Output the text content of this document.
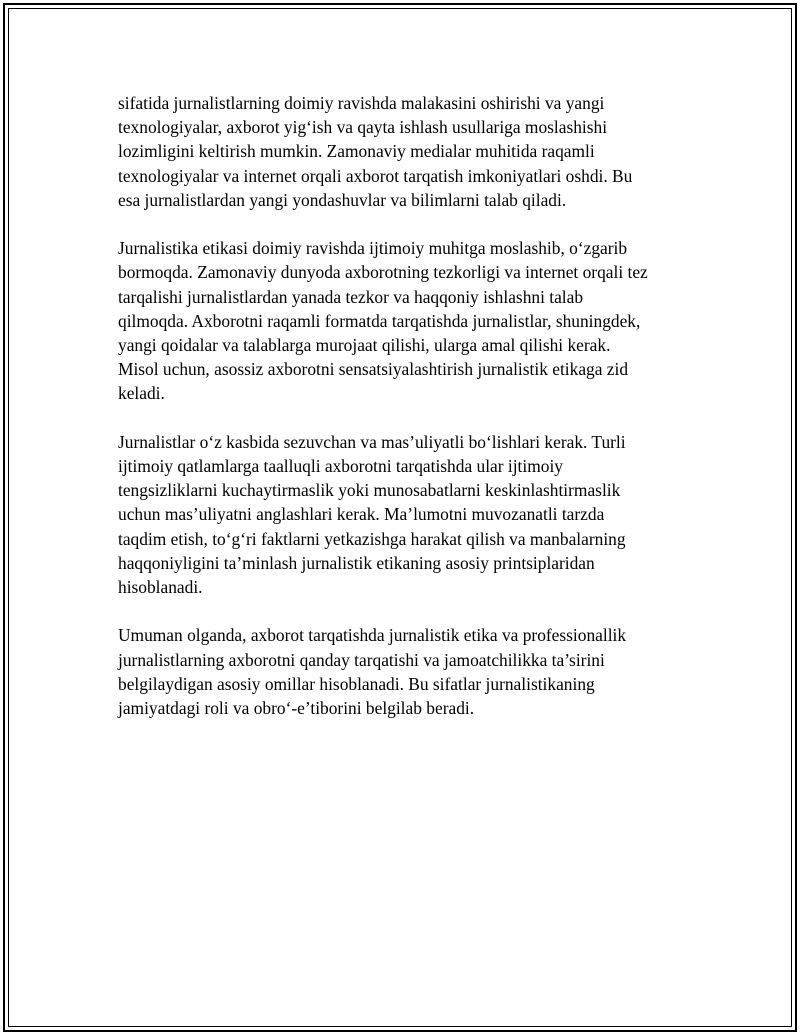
sifatida jurnalistlarning doimiy ravishda malakasini oshirishi va yangi
texnologiyalar, axborot yig‘ish va qayta ishlash usullariga moslashishi
lozimligini keltirish mumkin. Zamonaviy medialar muhitida raqamli
texnologiyalar va internet orqali axborot tarqatish imkoniyatlari oshdi. Bu
esa jurnalistlardan yangi yondashuvlar va bilimlarni talab qiladi.

Jurnalistika etikasi doimiy ravishda ijtimoiy muhitga moslashib, o‘zgarib
bormoqda. Zamonaviy dunyoda axborotning tezkorligi va internet orqali tez
tarqalishi jurnalistlardan yanada tezkor va haqqoniy ishlashni talab
qilmoqda. Axborotni raqamli formatda tarqatishda jurnalistlar, shuningdek,
yangi qoidalar va talablarga murojaat qilishi, ularga amal qilishi kerak.
Misol uchun, asossiz axborotni sensatsiyalashtirish jurnalistik etikaga zid
keladi.

Jurnalistlar o‘z kasbida sezuvchan va mas’uliyatli bo‘lishlari kerak. Turli
ijtimoiy qatlamlarga taalluqli axborotni tarqatishda ular ijtimoiy
tengsizliklarni kuchaytirmaslik yoki munosabatlarni keskinlashtirmaslik
uchun mas’uliyatni anglashlari kerak. Ma’lumotni muvozanatli tarzda
taqdim etish, to‘g‘ri faktlarni yetkazishga harakat qilish va manbalarning
haqqoniyligini ta’minlash jurnalistik etikaning asosiy printsiplaridan
hisoblanadi.

Umuman olganda, axborot tarqatishda jurnalistik etika va professionallik
jurnalistlarning axborotni qanday tarqatishi va jamoatchilikka ta’sirini
belgilaydigan asosiy omillar hisoblanadi. Bu sifatlar jurnalistikaning
jamiyatdagi roli va obro‘-e’tiborini belgilab beradi.
